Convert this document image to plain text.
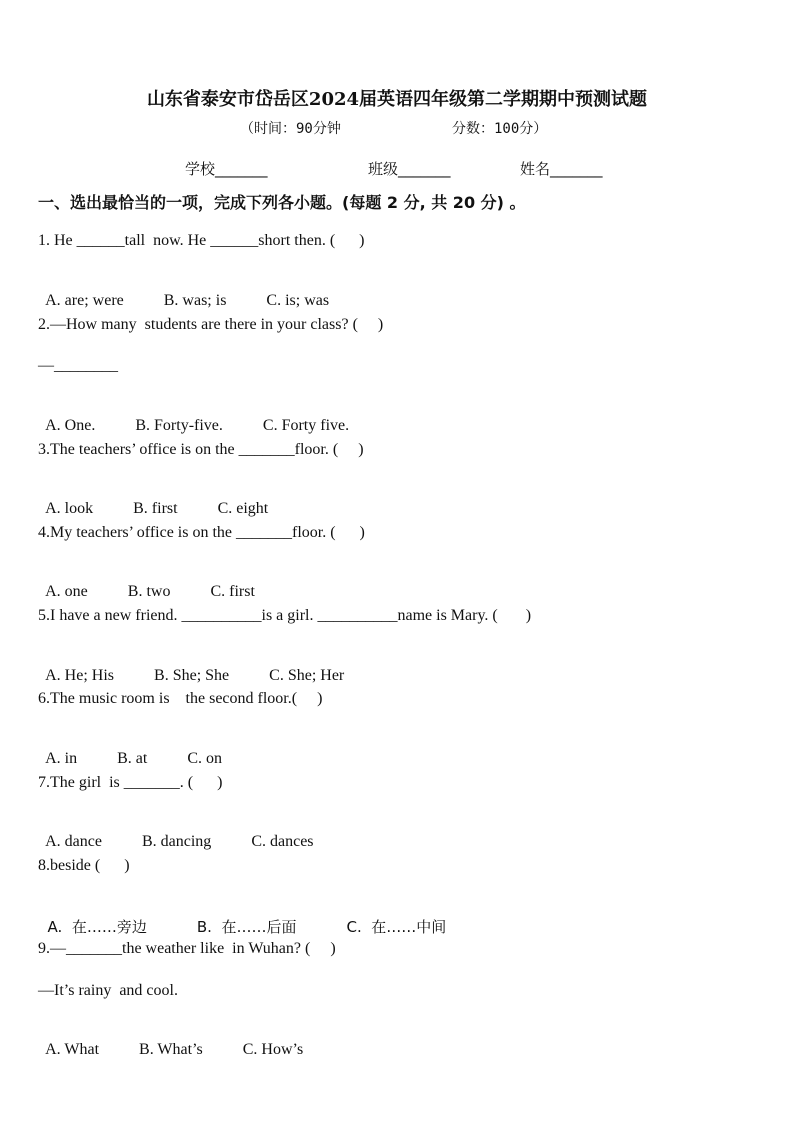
山东省泰安市岱岳区2024届英语四年级第二学期期中预测试题
（时间：90分钟	分数：100分）
学校_______	班级_______	姓名_______
一、选出最恰当的一项，完成下列各小题。(每题 2 分, 共 20 分) 。
1. He ______tall  now. He ______short then. (      )

A. are; were	B. was; is	C. is; was

2.—How many  students are there in your class? (     )
—________

A. One.	B. Forty-five.	C. Forty five.

3.The teachers’ office is on the _______floor. (     )

A. look	B. first	C. eight

4.My teachers’ office is on the _______floor. (      )

A. one	B. two	C. first

5.I have a new friend. __________is a girl. __________name is Mary. (       )

A. He; His	B. She; She	C. She; Her

6.The music room is    the second floor.(     )

A. in	B. at	C. on

7.The girl  is _______. (      )

A. dance	B. dancing	C. dances

8.beside (      )

A.  在……旁边	B.  在……后面	C.  在……中间

9.—_______the weather like  in Wuhan? (     )
—It’s rainy  and cool.

A. What	B. What’s	C. How’s
